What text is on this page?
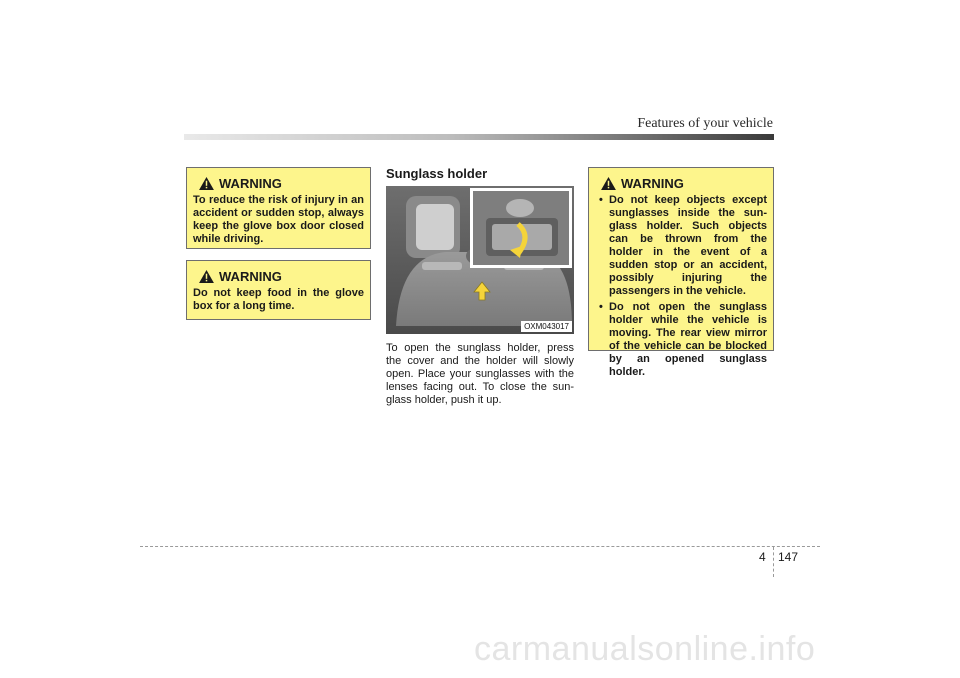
Features of your vehicle
WARNING
To reduce the risk of injury in an accident or sudden stop, always keep the glove box door closed while driving.
WARNING
Do not keep food in the glove box for a long time.
Sunglass holder
OXM043017
To open the sunglass holder, press the cover and the holder will slowly open. Place your sunglasses with the lenses facing out. To close the sun-glass holder, push it up.
WARNING
• Do not keep objects except sunglasses inside the sun-glass holder. Such objects can be thrown from the holder in the event of a sudden stop or an accident, possibly injuring the passengers in the vehicle.
• Do not open the sunglass holder while the vehicle is moving. The rear view mirror of the vehicle can be blocked by an opened sunglass holder.
4 147
carmanualsonline.info
